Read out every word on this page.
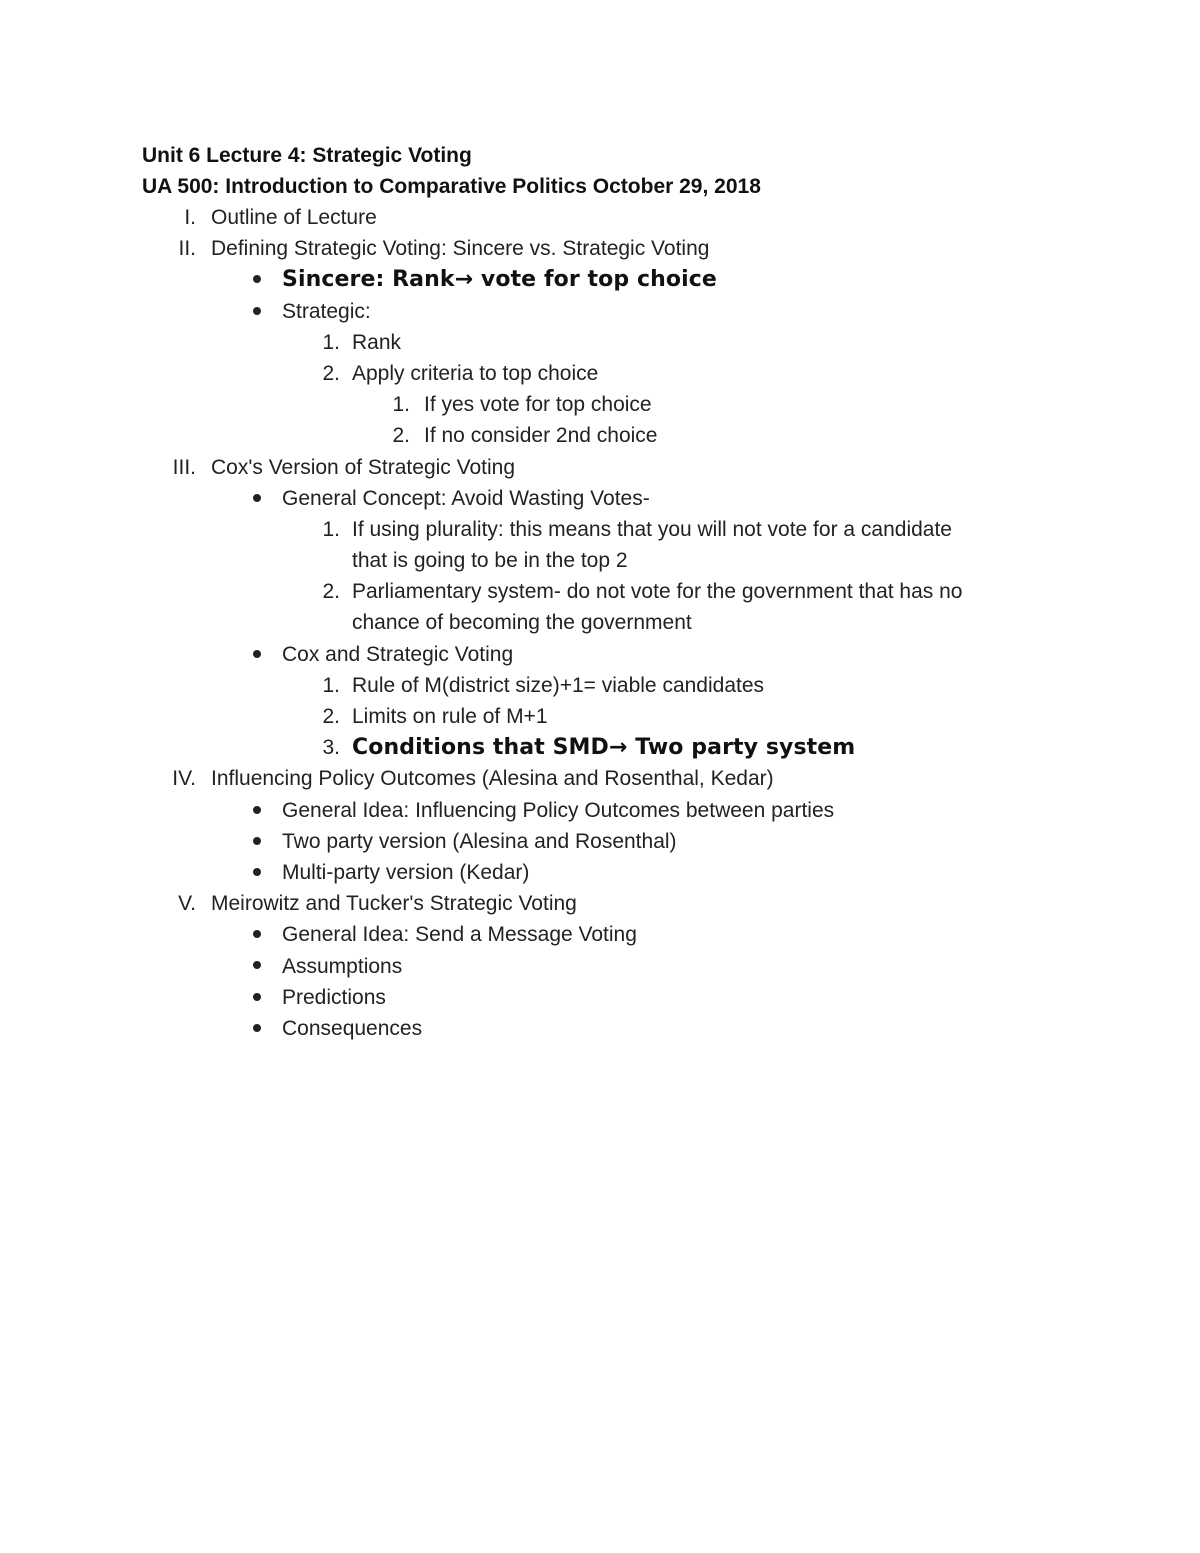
Unit 6 Lecture 4: Strategic Voting
UA 500: Introduction to Comparative Politics October 29, 2018
I. Outline of Lecture
II. Defining Strategic Voting: Sincere vs. Strategic Voting
Sincere: Rank→ vote for top choice
Strategic:
1. Rank
2. Apply criteria to top choice
1. If yes vote for top choice
2. If no consider 2nd choice
III. Cox's Version of Strategic Voting
General Concept: Avoid Wasting Votes-
1. If using plurality: this means that you will not vote for a candidate
that is going to be in the top 2
2. Parliamentary system- do not vote for the government that has no
chance of becoming the government
Cox and Strategic Voting
1. Rule of M(district size)+1= viable candidates
2. Limits on rule of M+1
3. Conditions that SMD→ Two party system
IV. Influencing Policy Outcomes (Alesina and Rosenthal, Kedar)
General Idea: Influencing Policy Outcomes between parties
Two party version (Alesina and Rosenthal)
Multi-party version (Kedar)
V. Meirowitz and Tucker's Strategic Voting
General Idea: Send a Message Voting
Assumptions
Predictions
Consequences
